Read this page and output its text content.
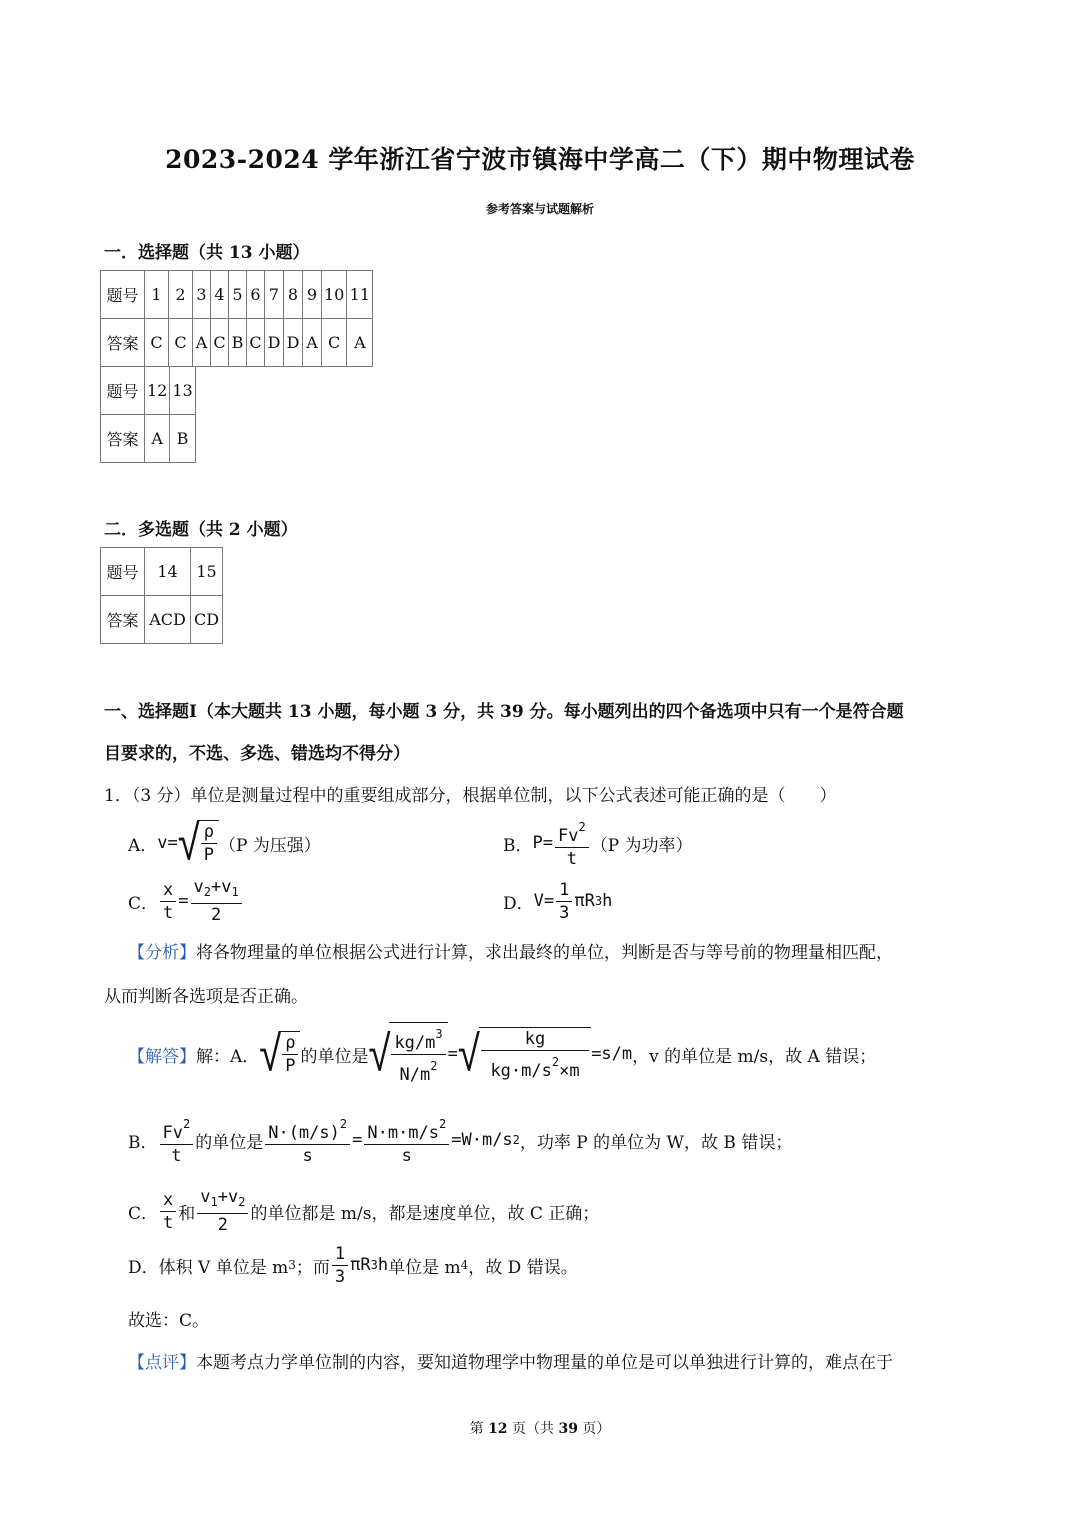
2023-2024 学年浙江省宁波市镇海中学高二（下）期中物理试卷
参考答案与试题解析
一．选择题（共 13 小题）
题号	1	2	3	4	5	6	7	8	9	10	11
答案	C	C	A	C	B	C	D	D	A	C	A
题号	12	13
答案	A	B
二．多选题（共 2 小题）
题号	14	15
答案	ACD	CD
一、选择题Ⅰ（本大题共 13 小题，每小题 3 分，共 39 分。每小题列出的四个备选项中只有一个是符合题
目要求的，不选、多选、错选均不得分）
1．（3 分）单位是测量过程中的重要组成部分，根据单位制，以下公式表述可能正确的是（　　）
A． v= √ $\frac{\rho}{P} (P$ 为压强）	B． $P= \frac{Fv^2}{t} (P$ 为功率）
C． $\frac{x}{t} = \frac{v_2+v_1}{2}$	D． $V= \frac{1}{3}$ πR 3 h
【分析】将各物理量的单位根据公式进行计算，求出最终的单位，判断是否与等号前的物理量相匹配，
从而判断各选项是否正确。
【解答】 解：A． √ $\frac{\rho}{P}$ 的单位是 √ $\frac{kg/m^3}{N/m^2}$ = √ $\frac{kg}{kg\cdot m/s^2\times m} =s/m$ ，v 的单位是 m/s，故 A 错误；
B． $\frac{Fv^2}{t}$ 的单位是 $\frac{N\cdot(m/s)^2}{s} = \frac{N\cdot m\cdot m/s^2}{s} =W\cdot m/s$ 2 ，功率 P 的单位为 W，故 B 错误；
C． $\frac{x}{t}$ 和 $\frac{v_1+v_2}{2}$ 的单位都是 m/s，都是速度单位，故 C 正确；
D．体积 V 单位是 m 3 ；而 $\frac{1}{3}$ πR 3 h 单位是 m 4 ，故 D 错误。
故选：C。
【点评】本题考点力学单位制的内容，要知道物理学中物理量的单位是可以单独进行计算的，难点在于
第 12 页（共 39 页）
